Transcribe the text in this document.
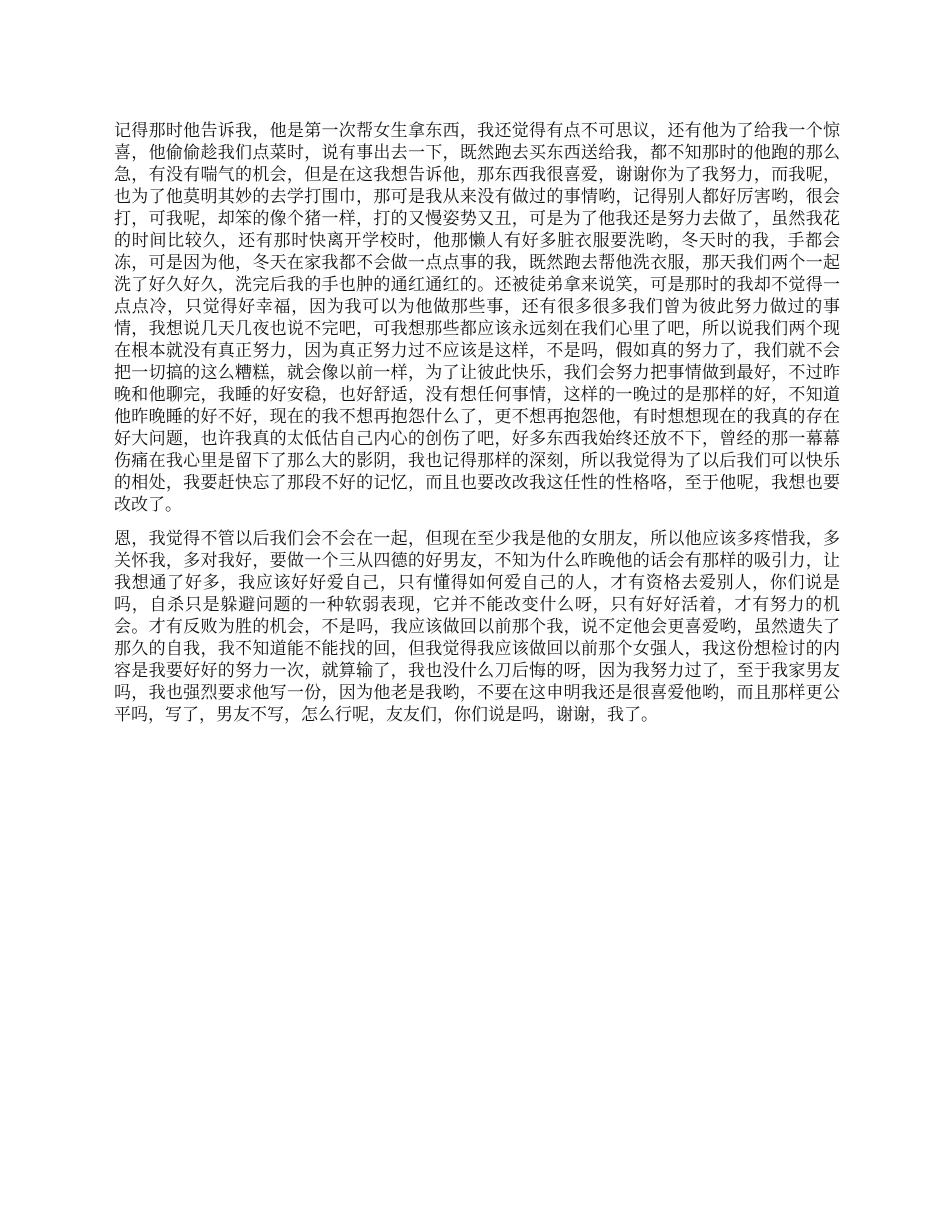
记得那时他告诉我，他是第一次帮女生拿东西，我还觉得有点不可思议，还有他为了给我一个惊喜，他偷偷趁我们点菜时，说有事出去一下，既然跑去买东西送给我，都不知那时的他跑的那么急，有没有喘气的机会，但是在这我想告诉他，那东西我很喜爱，谢谢你为了我努力，而我呢，也为了他莫明其妙的去学打围巾，那可是我从来没有做过的事情哟，记得别人都好厉害哟，很会打，可我呢，却笨的像个猪一样，打的又慢姿势又丑，可是为了他我还是努力去做了，虽然我花的时间比较久，还有那时快离开学校时，他那懒人有好多脏衣服要洗哟，冬天时的我，手都会冻，可是因为他，冬天在家我都不会做一点点事的我，既然跑去帮他洗衣服，那天我们两个一起洗了好久好久，洗完后我的手也肿的通红通红的。还被徒弟拿来说笑，可是那时的我却不觉得一点点冷，只觉得好幸福，因为我可以为他做那些事，还有很多很多我们曾为彼此努力做过的事情，我想说几天几夜也说不完吧，可我想那些都应该永远刻在我们心里了吧，所以说我们两个现在根本就没有真正努力，因为真正努力过不应该是这样，不是吗，假如真的努力了，我们就不会把一切搞的这么糟糕，就会像以前一样，为了让彼此快乐，我们会努力把事情做到最好，不过昨晚和他聊完，我睡的好安稳，也好舒适，没有想任何事情，这样的一晚过的是那样的好，不知道他昨晚睡的好不好，现在的我不想再抱怨什么了，更不想再抱怨他，有时想想现在的我真的存在好大问题，也许我真的太低估自己内心的创伤了吧，好多东西我始终还放不下，曾经的那一幕幕伤痛在我心里是留下了那么大的影阴，我也记得那样的深刻，所以我觉得为了以后我们可以快乐的相处，我要赶快忘了那段不好的记忆，而且也要改改我这任性的性格咯，至于他呢，我想也要改改了。

恩，我觉得不管以后我们会不会在一起，但现在至少我是他的女朋友，所以他应该多疼惜我，多关怀我，多对我好，要做一个三从四德的好男友，不知为什么昨晚他的话会有那样的吸引力，让我想通了好多，我应该好好爱自己，只有懂得如何爱自己的人，才有资格去爱别人，你们说是吗，自杀只是躲避问题的一种软弱表现，它并不能改变什么呀，只有好好活着，才有努力的机会。才有反败为胜的机会，不是吗，我应该做回以前那个我，说不定他会更喜爱哟，虽然遗失了那久的自我，我不知道能不能找的回，但我觉得我应该做回以前那个女强人，我这份想检讨的内容是我要好好的努力一次，就算输了，我也没什么刀后悔的呀，因为我努力过了，至于我家男友吗，我也强烈要求他写一份，因为他老是我哟，不要在这申明我还是很喜爱他哟，而且那样更公平吗，写了，男友不写，怎么行呢，友友们，你们说是吗，谢谢，我了。
